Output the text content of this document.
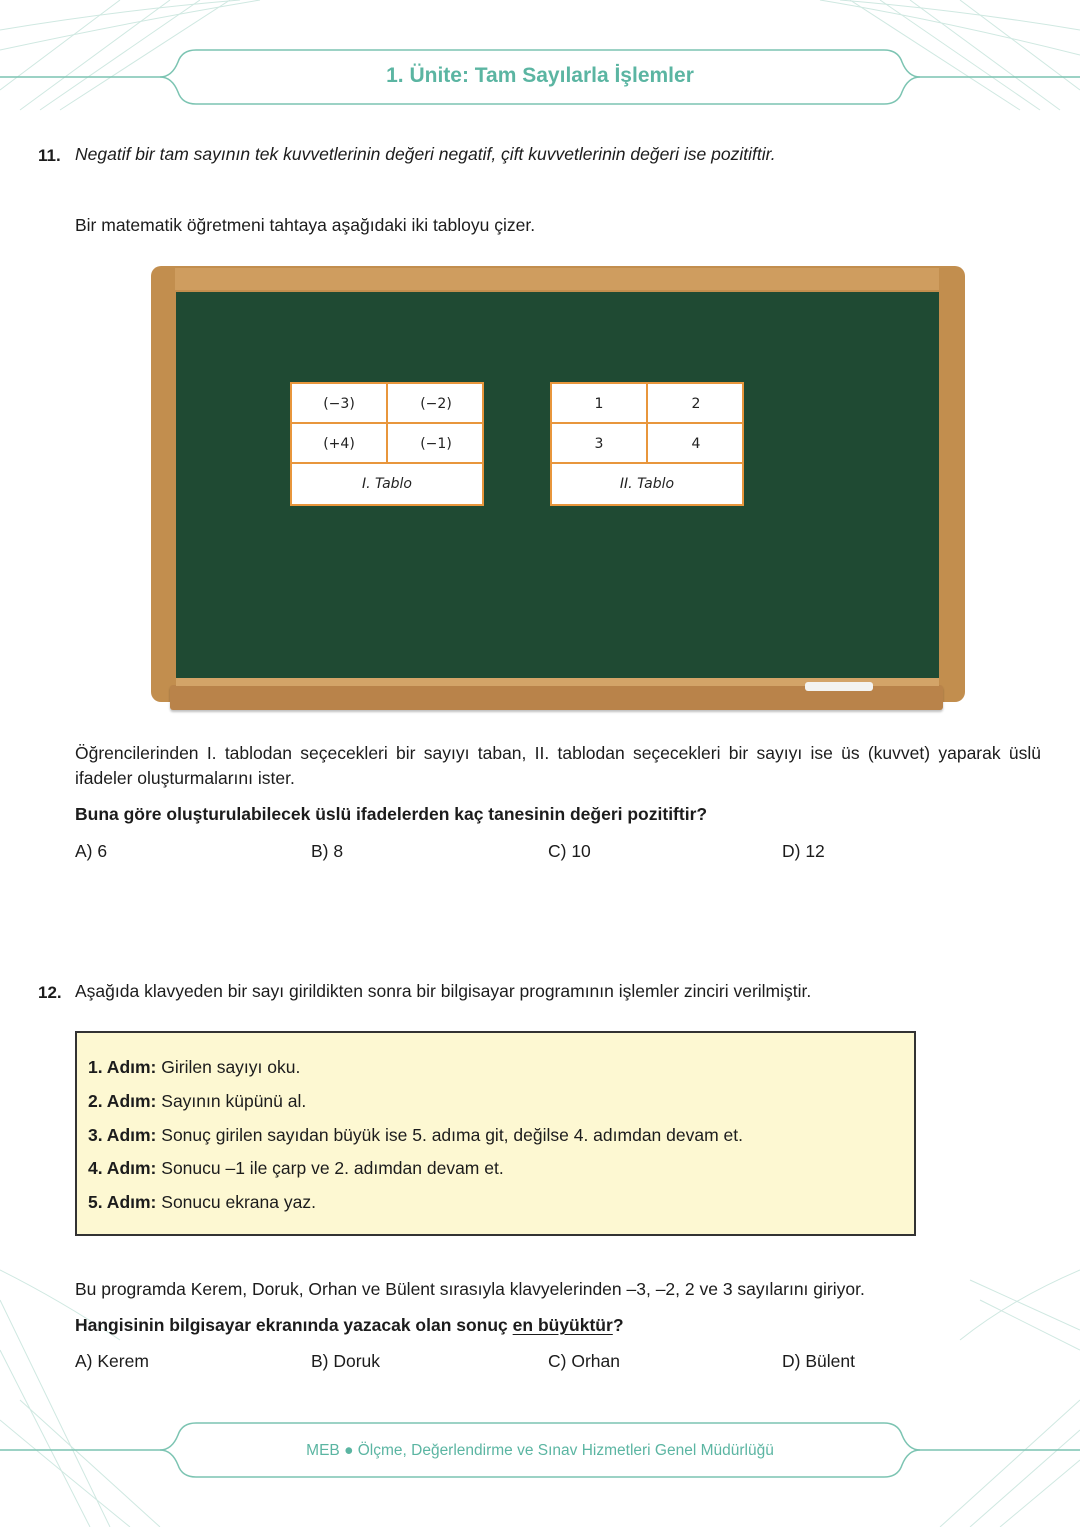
1. Ünite: Tam Sayılarla İşlemler
11. Negatif bir tam sayının tek kuvvetlerinin değeri negatif, çift kuvvetlerinin değeri ise pozitiftir.
Bir matematik öğretmeni tahtaya aşağıdaki iki tabloyu çizer.
(−3)	(−2)
(+4)	(−1)
I. Tablo
1	2
3	4
II. Tablo
Öğrencilerinden I. tablodan seçecekleri bir sayıyı taban, II. tablodan seçecekleri bir sayıyı ise üs (kuvvet) yaparak üslü ifadeler oluşturmalarını ister.
Buna göre oluşturulabilecek üslü ifadelerden kaç tanesinin değeri pozitiftir?
A) 6	B) 8	C) 10	D) 12
12. Aşağıda klavyeden bir sayı girildikten sonra bir bilgisayar programının işlemler zinciri verilmiştir.
1. Adım: Girilen sayıyı oku.
2. Adım: Sayının küpünü al.
3. Adım: Sonuç girilen sayıdan büyük ise 5. adıma git, değilse 4. adımdan devam et.
4. Adım: Sonucu –1 ile çarp ve 2. adımdan devam et.
5. Adım: Sonucu ekrana yaz.
Bu programda Kerem, Doruk, Orhan ve Bülent sırasıyla klavyelerinden –3, –2, 2 ve 3 sayılarını giriyor.
Hangisinin bilgisayar ekranında yazacak olan sonuç en büyüktür?
A) Kerem	B) Doruk	C) Orhan	D) Bülent
MEB ● Ölçme, Değerlendirme ve Sınav Hizmetleri Genel Müdürlüğü
